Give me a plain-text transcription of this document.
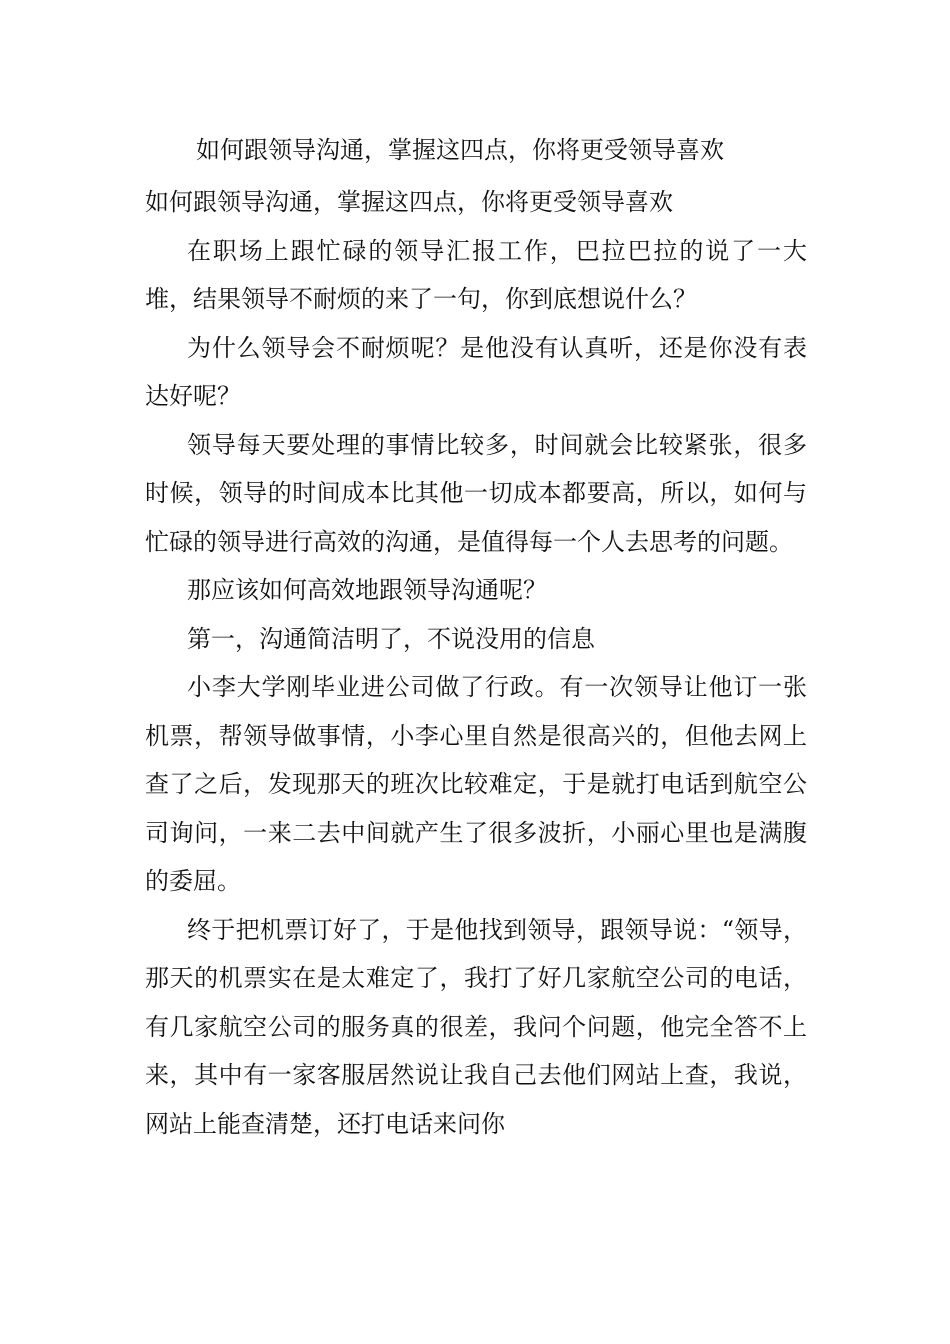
如何跟领导沟通，掌握这四点，你将更受领导喜欢

如何跟领导沟通，掌握这四点，你将更受领导喜欢

在职场上跟忙碌的领导汇报工作，巴拉巴拉的说了一大堆，结果领导不耐烦的来了一句，你到底想说什么？

为什么领导会不耐烦呢？是他没有认真听，还是你没有表达好呢？

领导每天要处理的事情比较多，时间就会比较紧张，很多时候，领导的时间成本比其他一切成本都要高，所以，如何与忙碌的领导进行高效的沟通，是值得每一个人去思考的问题。

那应该如何高效地跟领导沟通呢？

第一，沟通简洁明了，不说没用的信息

小李大学刚毕业进公司做了行政。有一次领导让他订一张机票，帮领导做事情，小李心里自然是很高兴的，但他去网上查了之后，发现那天的班次比较难定，于是就打电话到航空公司询问，一来二去中间就产生了很多波折，小丽心里也是满腹的委屈。

终于把机票订好了，于是他找到领导，跟领导说：“领导，那天的机票实在是太难定了，我打了好几家航空公司的电话，有几家航空公司的服务真的很差，我问个问题，他完全答不上来，其中有一家客服居然说让我自己去他们网站上查，我说，网站上能查清楚，还打电话来问你
